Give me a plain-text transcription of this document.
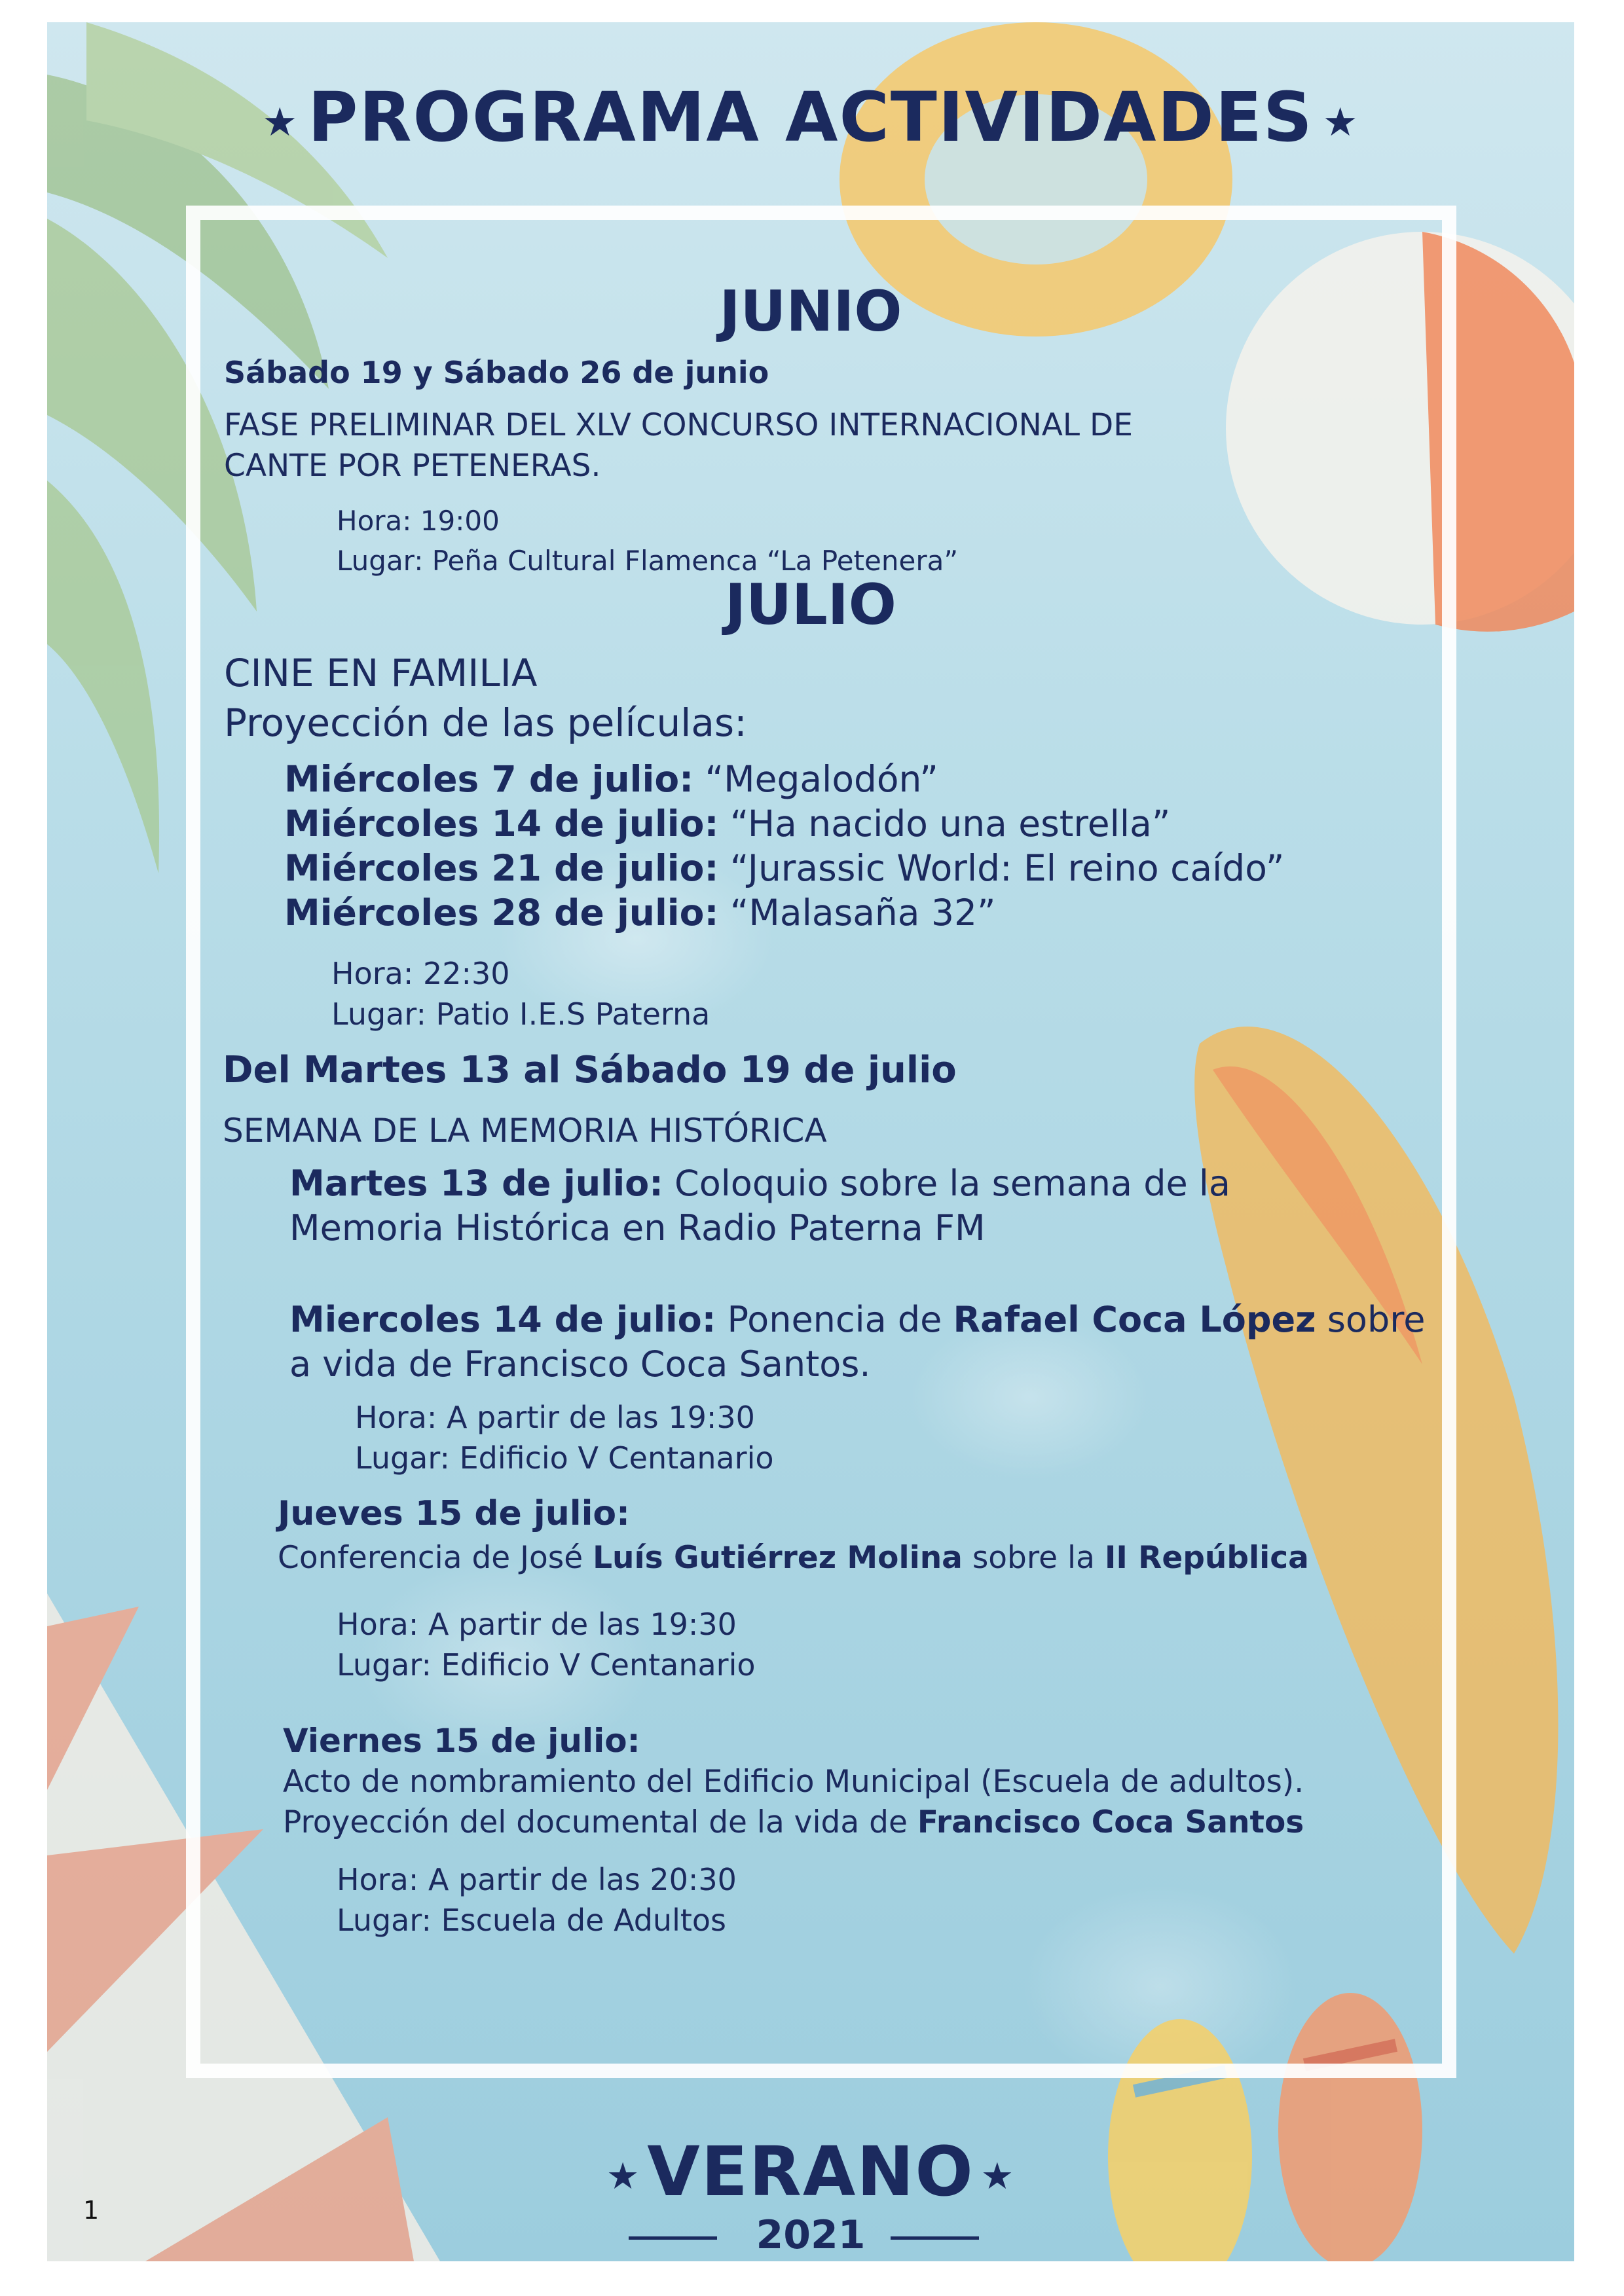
★ PROGRAMA ACTIVIDADES ★
JUNIO
Sábado 19 y Sábado 26 de junio
FASE PRELIMINAR DEL XLV CONCURSO INTERNACIONAL DE
CANTE POR PETENERAS.
Hora: 19:00
Lugar: Peña Cultural Flamenca “La Petenera”
JULIO
CINE EN FAMILIA
Proyección de las películas:
Miércoles 7 de julio: “Megalodón”
Miércoles 14 de julio: “Ha nacido una estrella”
Miércoles 21 de julio: “Jurassic World: El reino caído”
Miércoles 28 de julio: “Malasaña 32”
Hora: 22:30
Lugar: Patio I.E.S Paterna
Del Martes 13 al Sábado 19 de julio
SEMANA DE LA MEMORIA HISTÓRICA
Martes 13 de julio: Coloquio sobre la semana de la
Memoria Histórica en Radio Paterna FM
Miercoles 14 de julio: Ponencia de Rafael Coca López sobre
a vida de Francisco Coca Santos.
Hora: A partir de las 19:30
Lugar: Edificio V Centanario
Jueves 15 de julio:
Conferencia de José Luís Gutiérrez Molina sobre la II República
Hora: A partir de las 19:30
Lugar: Edificio V Centanario
Viernes 15 de julio:
Acto de nombramiento del Edificio Municipal (Escuela de adultos).
Proyección del documental de la vida de Francisco Coca Santos
Hora: A partir de las 20:30
Lugar: Escuela de Adultos
★VERANO ★
2021
1
